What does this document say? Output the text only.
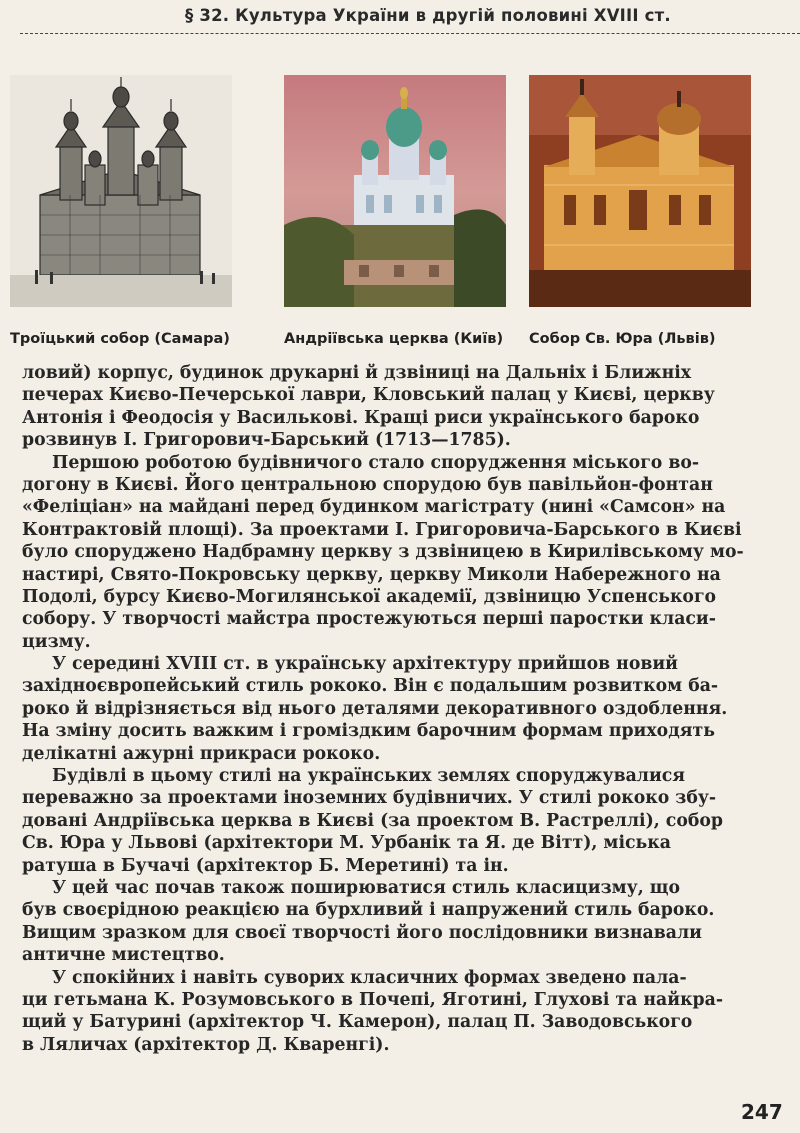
§ 32. Культура України в другій половині XVIII ст.
Троїцький собор (Самара)	Андріївська церква (Київ) Собор Св. Юра (Львів)
ловий) корпус, будинок друкарні й дзвіниці на Дальніх і Ближніх
печерах Києво-Печерської лаври, Кловський палац у Києві, церкву
Антонія і Феодосія у Василькові. Кращі риси українського бароко
розвинув І. Григорович-Барський (1713—1785).
Першою роботою будівничого стало спорудження міського во-
догону в Києві. Його центральною спорудою був павільйон-фонтан
«Феліціан» на майдані перед будинком магістрату (нині «Самсон» на
Контрактовій площі). За проектами І. Григоровича-Барського в Києві
було споруджено Надбрамну церкву з дзвіницею в Кирилівському мо-
настирі, Свято-Покровську церкву, церкву Миколи Набережного на
Подолі, бурсу Києво-Могилянської академії, дзвіницю Успенського
собору. У творчості майстра простежуються перші паростки класи-
цизму.
У середині XVIII ст. в українську архітектуру прийшов новий
західноєвропейський стиль рококо. Він є подальшим розвитком ба-
роко й відрізняється від нього деталями декоративного оздоблення.
На зміну досить важким і громіздким барочним формам приходять
делікатні ажурні прикраси рококо.
Будівлі в цьому стилі на українських землях споруджувалися
переважно за проектами іноземних будівничих. У стилі рококо збу-
довані Андріївська церква в Києві (за проектом В. Растреллі), собор
Св. Юра у Львові (архітектори М. Урбанік та Я. де Вітт), міська
ратуша в Бучачі (архітектор Б. Меретині) та ін.
У цей час почав також поширюватися стиль класицизму, що
був своєрідною реакцією на бурхливий і напружений стиль бароко.
Вищим зразком для своєї творчості його послідовники визнавали
античне мистецтво.
У спокійних і навіть суворих класичних формах зведено пала-
ци гетьмана К. Розумовського в Почепі, Яготині, Глухові та найкра-
щий у Батурині (архітектор Ч. Камерон), палац П. Заводовського
в Ляличах (архітектор Д. Кваренгі).
247
